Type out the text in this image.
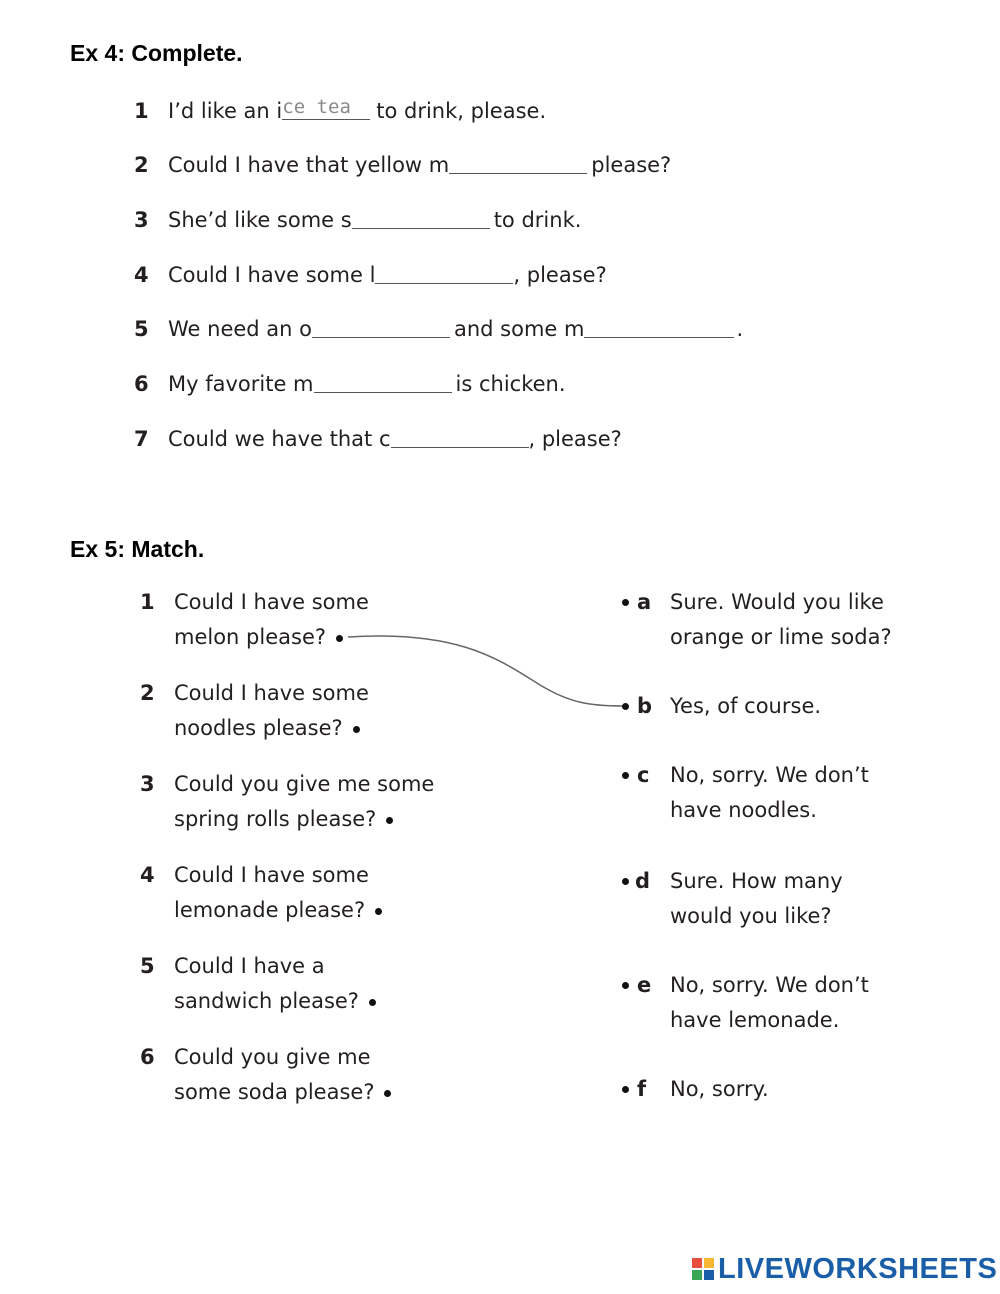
Ex 4: Complete.
1 I’d like an i
ce tea	to drink, please.
2 Could I have that yellow m	please?
3 She’d like some s	to drink.
4 Could I have some l	, please?
5 We need an o	and some m	.
6 My favorite m	is chicken.
7 Could we have that c	, please?
Ex 5: Match.
1 Could I have some
melon please?
2 Could I have some
noodles please?
3 Could you give me some
spring rolls please?
4 Could I have some
lemonade please?
5 Could I have a
sandwich please?
6 Could you give me
some soda please?
a Sure. Would you like
orange or lime soda?
b Yes, of course.
c No, sorry. We don’t
have noodles.
d Sure. How many
would you like?
e No, sorry. We don’t
have lemonade.
f No, sorry.
LIVEWORKSHEETS
